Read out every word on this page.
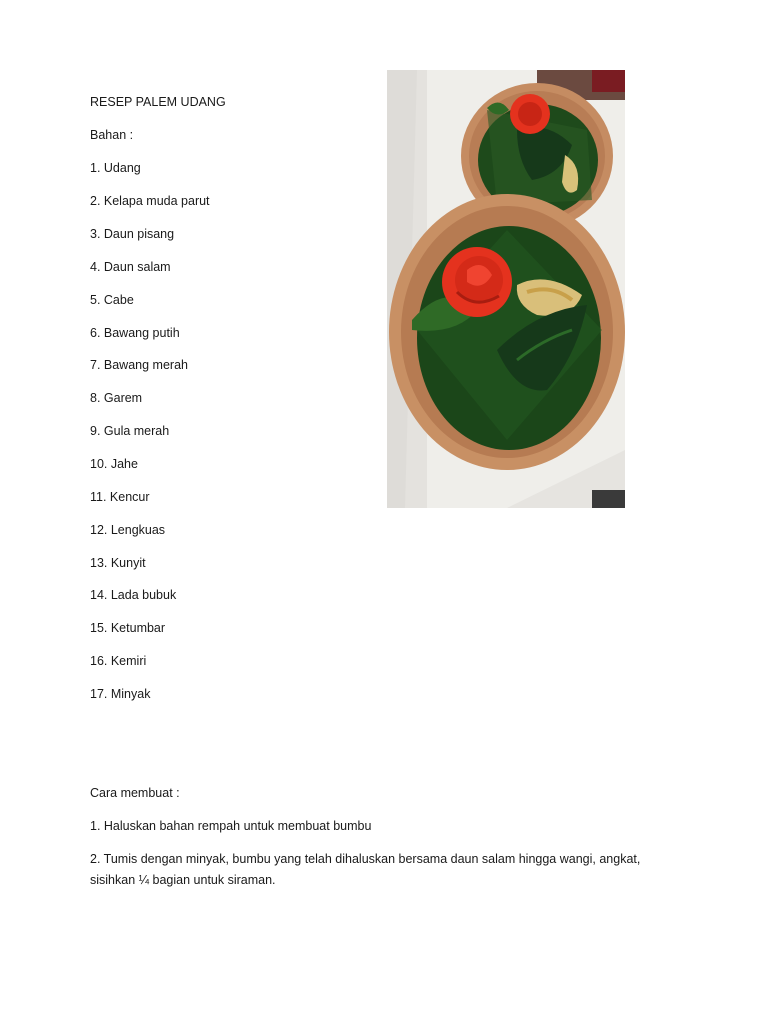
RESEP PALEM UDANG

Bahan :

1. Udang

2. Kelapa muda parut

3. Daun pisang

4. Daun salam

5. Cabe

6. Bawang putih

7. Bawang merah

8. Garem

9. Gula merah

10. Jahe

11. Kencur

12. Lengkuas

13. Kunyit

14. Lada bubuk

15. Ketumbar

16. Kemiri

17. Minyak

Cara membuat :

1. Haluskan bahan rempah untuk membuat bumbu

2. Tumis dengan minyak, bumbu yang telah dihaluskan bersama daun salam hingga wangi, angkat, sisihkan ¼ bagian untuk siraman.
